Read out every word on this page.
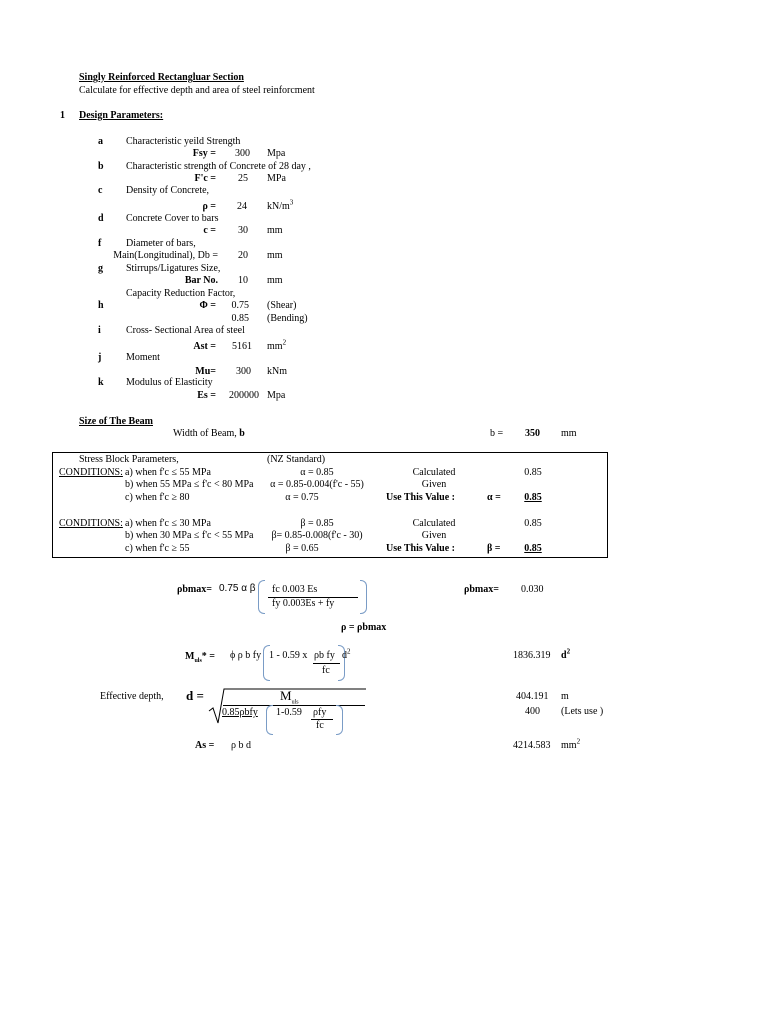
Singly Reinforced Rectangluar Section
Calculate for effective depth and area of steel reinforcment
1 Design Parameters:
a Characteristic yeild Strength
Fsy =	300 Mpa
b Characteristic strength of Concrete of 28 day ,
F'c =	25 MPa
c Density of Concrete,
ρ =	24 $kN/m^3$
d Concrete Cover to bars
c =	30 mm
f Diameter of bars,
Main(Longitudinal), Db =	20 mm
g Stirrups/Ligatures Size,
Bar No.	10 mm
Capacity Reduction Factor,
h	Φ =	0.75 (Shear)
0.85 (Bending)
i	Cross- Sectional Area of steel
Ast =	5161 $mm^2$
j Moment
Mu=	300 kNm
k Modulus of Elasticity
Es =	200000 Mpa
Size of The Beam
Width of Beam, b	b = 350 mm
Stress Block Parameters,	(NZ Standard)
CONDITIONS: a) when f'c ≤ 55 MPa	α = 0.85	Calculated	0.85
b) when 55 MPa ≤ f'c < 80 MPa	α = 0.85-0.004(f'c - 55)	Given
c) when f'c ≥ 80	α = 0.75	Use This Value :	α =	0.85
CONDITIONS: a) when f'c ≤ 30 MPa	β = 0.85	Calculated	0.85
b) when 30 MPa ≤ f'c < 55 MPa	β= 0.85-0.008(f'c - 30)	Given
c) when f'c ≥ 55	β = 0.65	Use This Value :	β =	0.85
ρbmax= 0.75 α β fc 0.003 Es
fy 0.003Es + fy
ρbmax= 0.030
ρ = ρbmax
$M_{uls}* = \phi$ ρ b fy 1 - 0.59 x ρb fy
fc
$d^2$	1836.319 $d^2$
Effective depth, d =	$M_{uls}$
0.85ρbfy 1-0.59 ρfy
fc
404.191 m
400 (Lets use )
As = ρ b d	4214.583 $mm^2$
